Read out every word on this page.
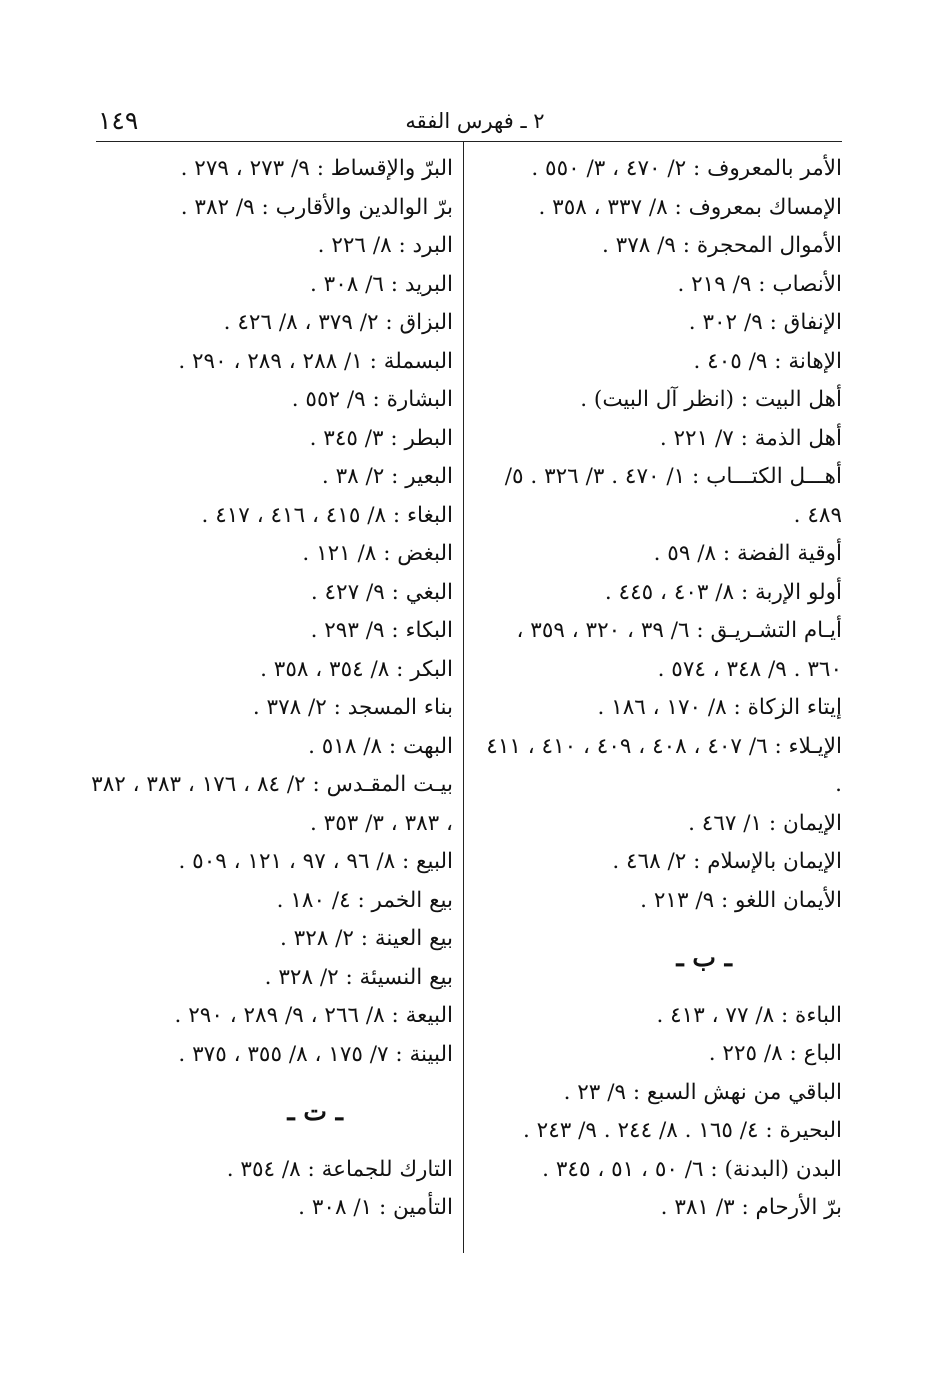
١٤٩	٢ ـ فهرس الفقه
الأمر بالمعروف : ٢/ ٤٧٠ ، ٣/ ٥٥٠ .
الإمساك بمعروف : ٨/ ٣٣٧ ، ٣٥٨ .
الأموال المحجرة : ٩/ ٣٧٨ .
الأنصاب : ٩/ ٢١٩ .
الإنفاق : ٩/ ٣٠٢ .
الإهانة : ٩/ ٤٠٥ .
أهل البيت : (انظر آل البيت) .
أهل الذمة : ٧/ ٢٢١ .
أهـــل الكتـــاب : ١/ ٤٧٠ . ٣/ ٣٢٦ . ٥/ ٤٨٩ .
أوقية الفضة : ٨/ ٥٩ .
أولو الإربة : ٨/ ٤٠٣ ، ٤٤٥ .
أيـام التشـريـق : ٦/ ٣٩ ، ٣٢٠ ، ٣٥٩ ، ٣٦٠ . ٩/ ٣٤٨ ، ٥٧٤ .
إيتاء الزكاة : ٨/ ١٧٠ ، ١٨٦ .
الإيـلاء : ٦/ ٤٠٧ ، ٤٠٨ ، ٤٠٩ ، ٤١٠ ، ٤١١ .
الإيمان : ١/ ٤٦٧ .
الإيمان بالإسلام : ٢/ ٤٦٨ .
الأيمان اللغو : ٩/ ٢١٣ .
ـ ب ـ
الباءة : ٨/ ٧٧ ، ٤١٣ .
الباع : ٨/ ٢٢٥ .
الباقي من نهش السبع : ٩/ ٢٣ .
البحيرة : ٤/ ١٦٥ . ٨/ ٢٤٤ . ٩/ ٢٤٣ .
البدن (البدنة) : ٦/ ٥٠ ، ٥١ ، ٣٤٥ .
برّ الأرحام : ٣/ ٣٨١ .
البرّ والإقساط : ٩/ ٢٧٣ ، ٢٧٩ .
برّ الوالدين والأقارب : ٩/ ٣٨٢ .
البرد : ٨/ ٢٢٦ .
البريد : ٦/ ٣٠٨ .
البزاق : ٢/ ٣٧٩ ، ٨/ ٤٢٦ .
البسملة : ١/ ٢٨٨ ، ٢٨٩ ، ٢٩٠ .
البشارة : ٩/ ٥٥٢ .
البطر : ٣/ ٣٤٥ .
البعير : ٢/ ٣٨ .
البغاء : ٨/ ٤١٥ ، ٤١٦ ، ٤١٧ .
البغض : ٨/ ١٢١ .
البغي : ٩/ ٤٢٧ .
البكاء : ٩/ ٢٩٣ .
البكر : ٨/ ٣٥٤ ، ٣٥٨ .
بناء المسجد : ٢/ ٣٧٨ .
البهت : ٨/ ٥١٨ .
بيـت المقـدس : ٢/ ٨٤ ، ١٧٦ ، ٣٨٣ ، ٣٨٢ ، ٣٨٣ ، ٣/ ٣٥٣ .
البيع : ٨/ ٩٦ ، ٩٧ ، ١٢١ ، ٥٠٩ .
بيع الخمر : ٤/ ١٨٠ .
بيع العينة : ٢/ ٣٢٨ .
بيع النسيئة : ٢/ ٣٢٨ .
البيعة : ٨/ ٢٦٦ ، ٩/ ٢٨٩ ، ٢٩٠ .
البينة : ٧/ ١٧٥ ، ٨/ ٣٥٥ ، ٣٧٥ .
ـ ت ـ
التارك للجماعة : ٨/ ٣٥٤ .
التأمين : ١/ ٣٠٨ .
